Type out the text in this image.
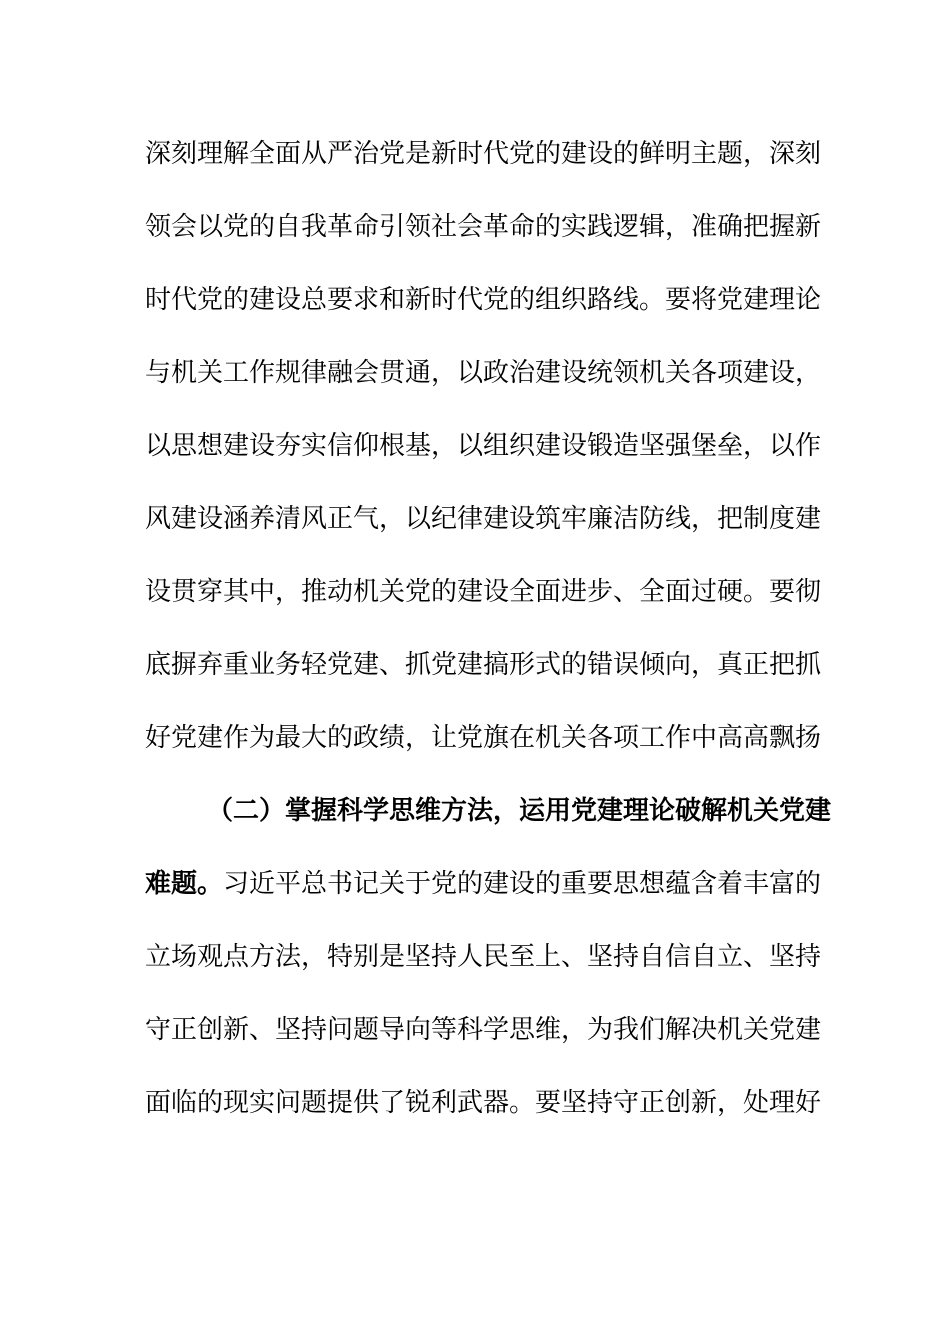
深刻理解全面从严治党是新时代党的建设的鲜明主题，深刻
领会以党的自我革命引领社会革命的实践逻辑，准确把握新
时代党的建设总要求和新时代党的组织路线。要将党建理论
与机关工作规律融会贯通，以政治建设统领机关各项建设，
以思想建设夯实信仰根基，以组织建设锻造坚强堡垒，以作
风建设涵养清风正气，以纪律建设筑牢廉洁防线，把制度建
设贯穿其中，推动机关党的建设全面进步、全面过硬。要彻
底摒弃重业务轻党建、抓党建搞形式的错误倾向，真正把抓
好党建作为最大的政绩，让党旗在机关各项工作中高高飘扬
（二）掌握科学思维方法，运用党建理论破解机关党建
难题。习近平总书记关于党的建设的重要思想蕴含着丰富的
立场观点方法，特别是坚持人民至上、坚持自信自立、坚持
守正创新、坚持问题导向等科学思维，为我们解决机关党建
面临的现实问题提供了锐利武器。要坚持守正创新，处理好
